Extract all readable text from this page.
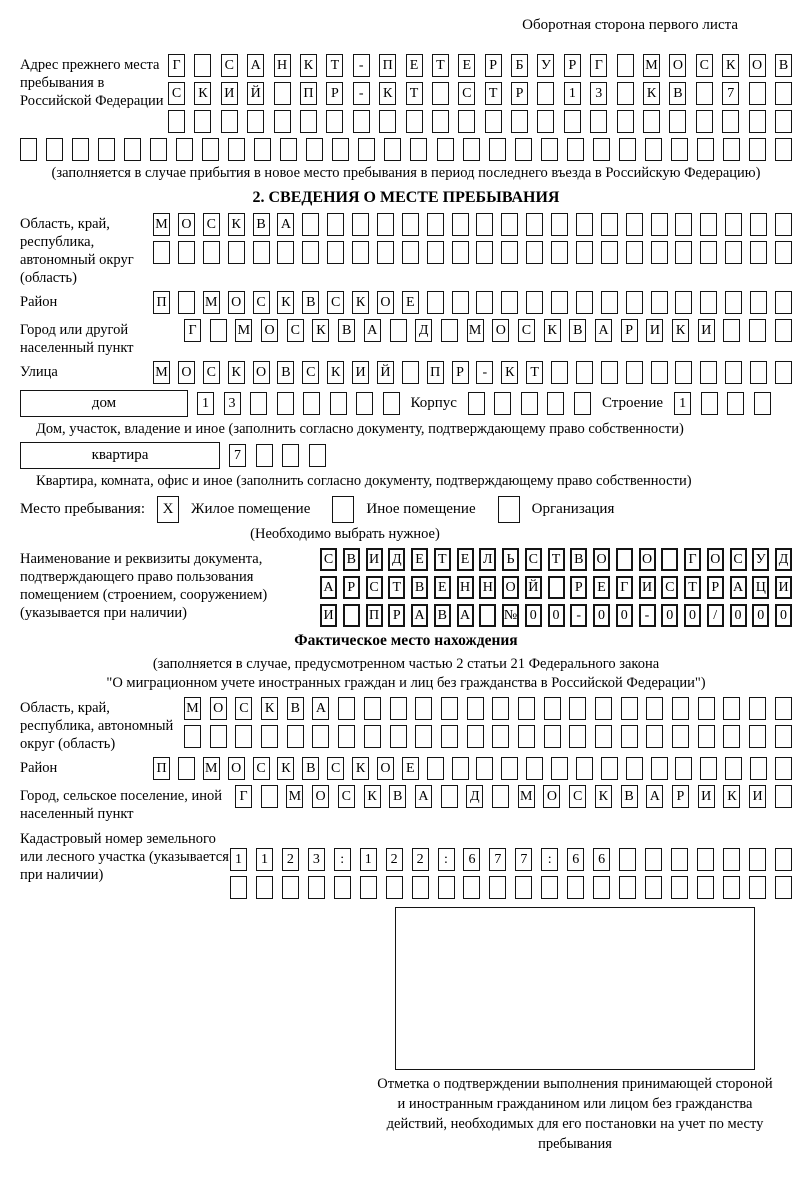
Оборотная сторона первого листа
Адрес прежнего места пребывания в Российской Федерации
Г	С А Н К	Т	-	П	Е	Т	Е	Р	Б	У	Р	Г	М О С К О В
С К И Й	П	Р	-	К	Т	С	Т	Р	1	3	К В	7
(заполняется в случае прибытия в новое место пребывания в период последнего въезда в Российскую Федерацию)
2. СВЕДЕНИЯ О МЕСТЕ ПРЕБЫВАНИЯ
Область, край, республика, автономный округ (область)
М О С К В А
Район	П	М О С К В С К О	Е
Город или другой населенный пункт
Г	М О С К В А	Д	М О С К В А	Р	И К И
Улица	М О С К О В С К И Й	П	Р	-	К	Т
дом	1	3	Корпус	Строение	1
Дом, участок, владение и иное (заполнить согласно документу, подтверждающему право собственности)
квартира	7
Квартира, комната, офис и иное (заполнить согласно документу, подтверждающему право собственности)
Место пребывания:	X	Жилое помещение	Иное помещение	Организация
(Необходимо выбрать нужное)
Наименование и реквизиты документа, подтверждающего право пользования помещением (строением, сооружением) (указывается при наличии)
С В И Д Е	Т	Е Л Ь	С Т В О	О	Г О С У Д
А Р	С Т В Е Н Н О Й	Р	Е	Г И С Т	Р А Ц И
И	П Р А В А № 0	0	-	0	0	-	0	0	/	0	0	0
Фактическое место нахождения
(заполняется в случае, предусмотренном частью 2 статьи 21 Федерального закона
"О миграционном учете иностранных граждан и лиц без гражданства в Российской Федерации")
Область, край, республика, автономный округ (область)
М О С К В А
Район	П	М О С К В С К О	Е
Город, сельское поселение, иной населенный пункт
Г	М О С К В А	Д	М О С К В А	Р	И К И
Кадастровый номер земельного или лесного участка (указывается при наличии)
1	1	2	3	:	1	2	2	:	6	7	7	:	6	6
Отметка о подтверждении выполнения принимающей стороной и иностранным гражданином или лицом без гражданства действий, необходимых для его постановки на учет по месту пребывания
